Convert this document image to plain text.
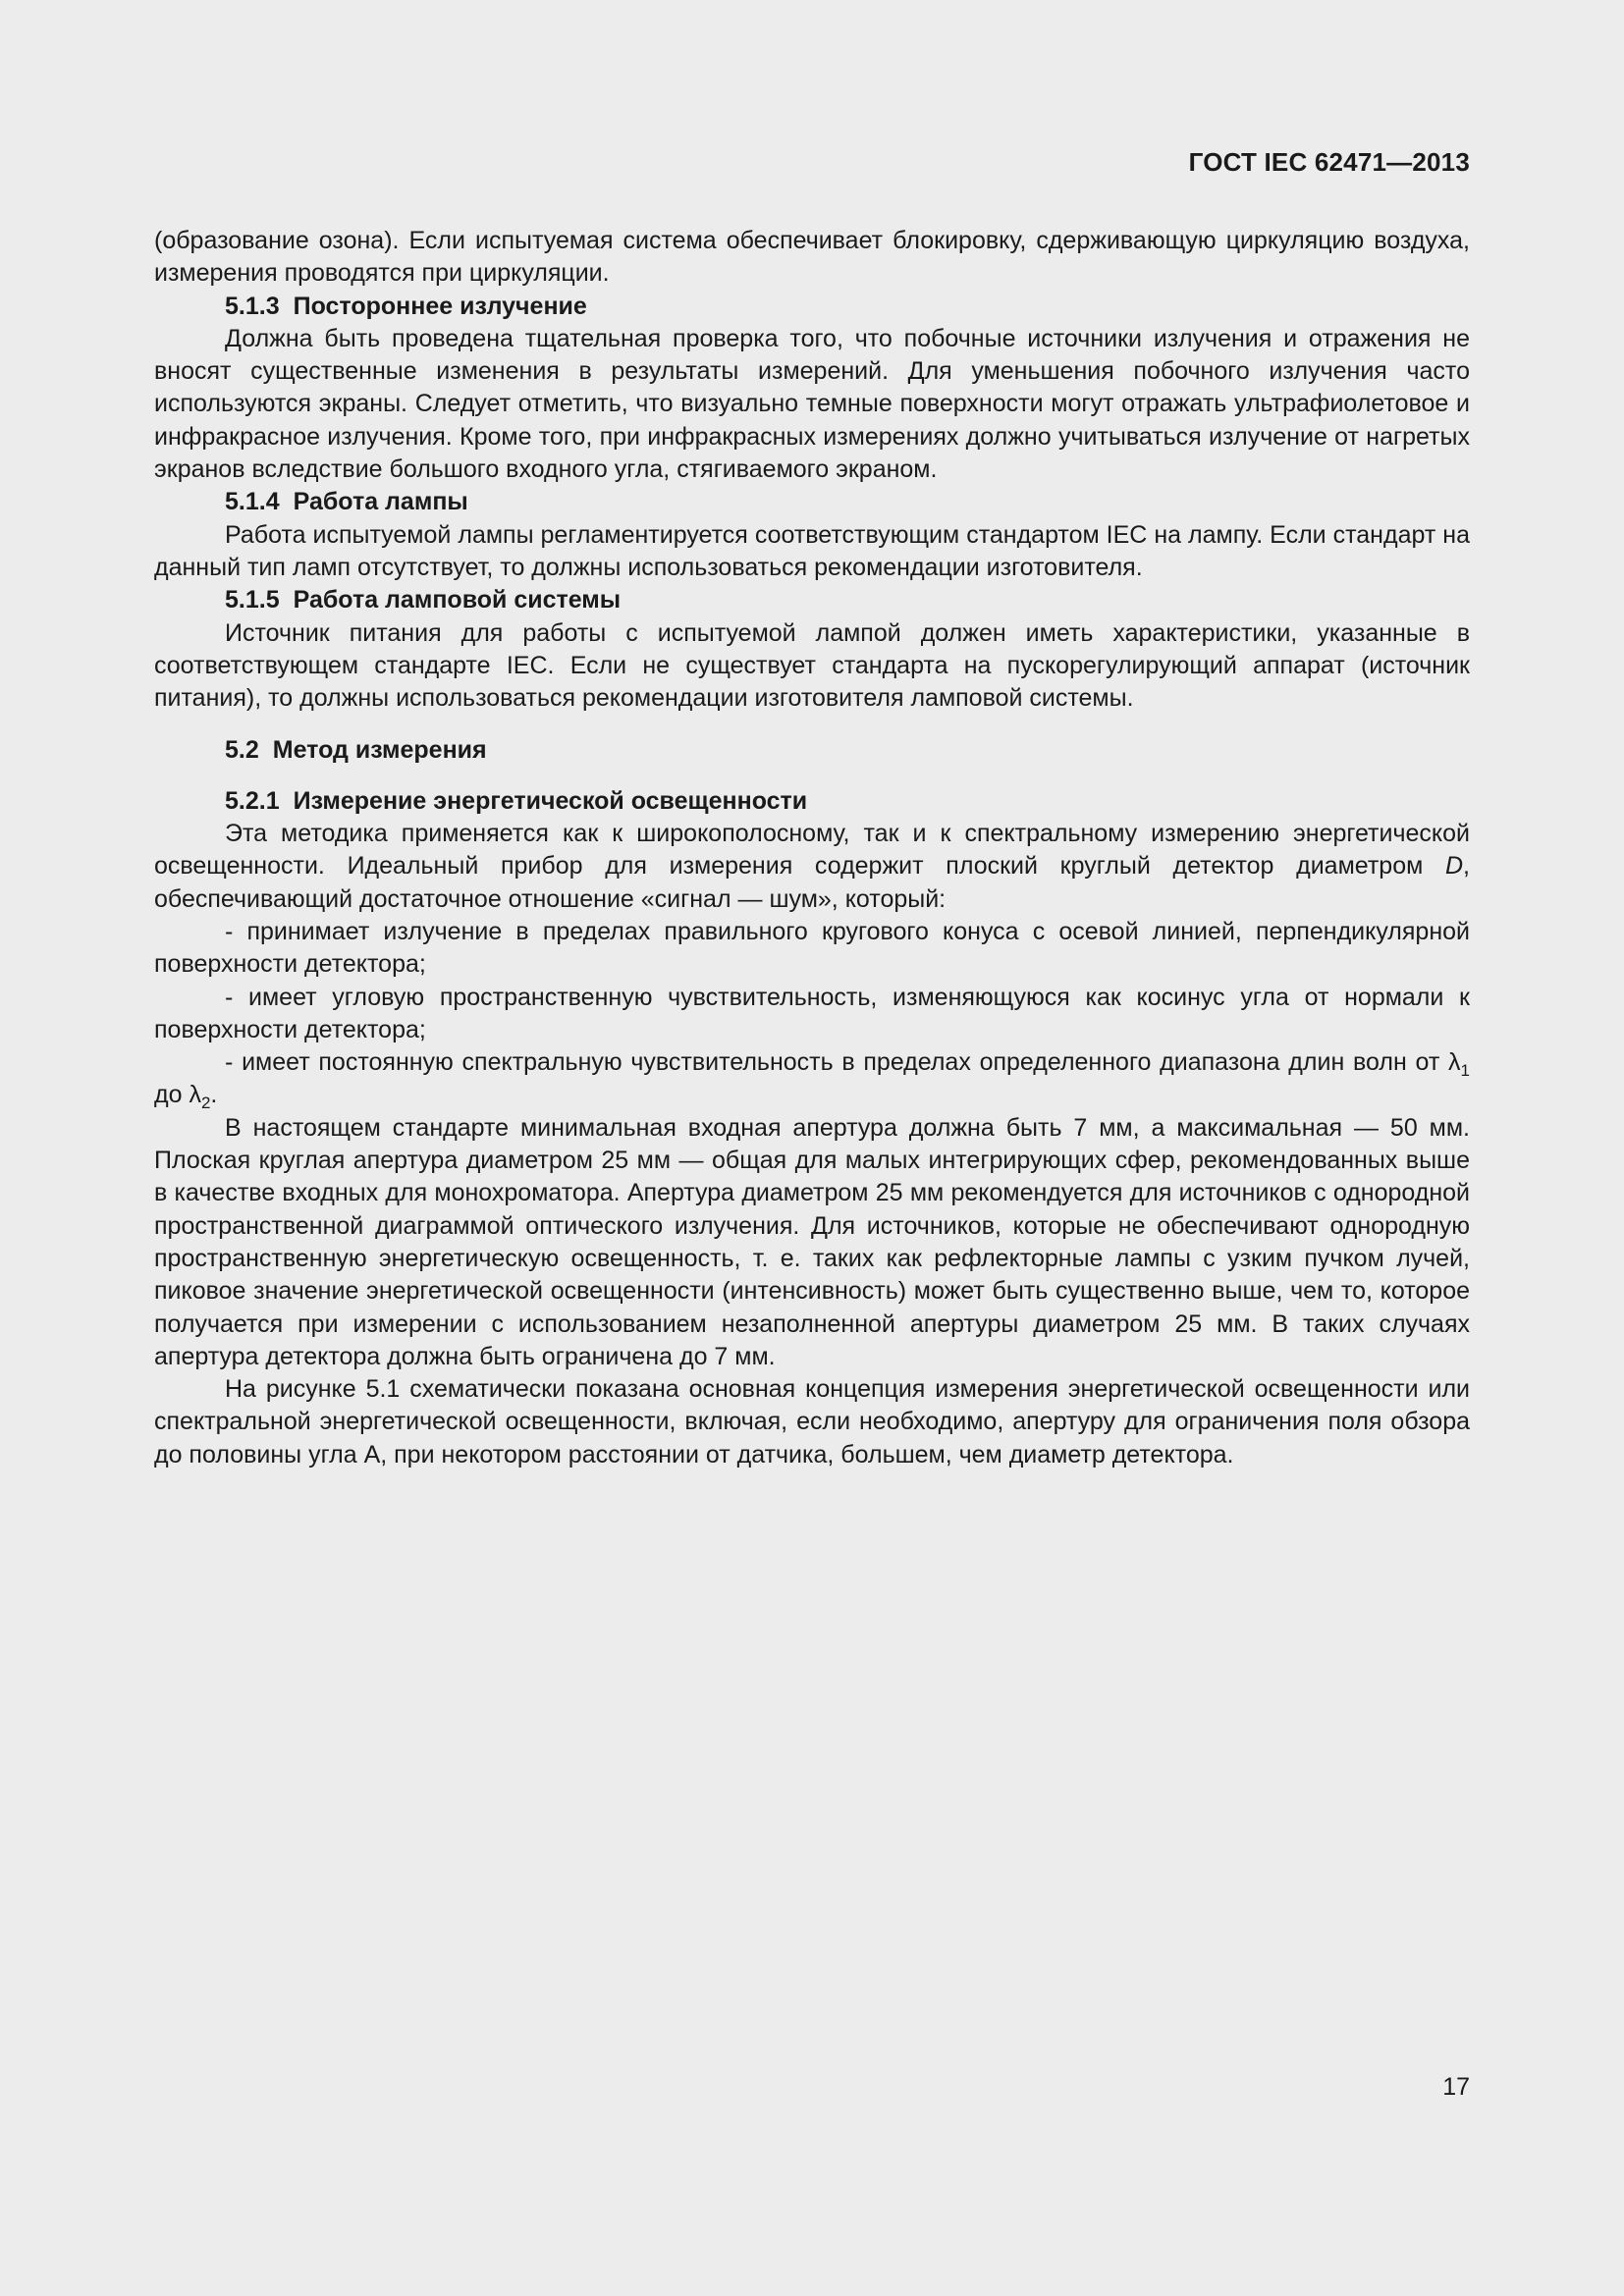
ГОСТ IEC 62471—2013

(образование озона). Если испытуемая система обеспечивает блокировку, сдерживающую циркуляцию воздуха, измерения проводятся при циркуляции.

5.1.3 Постороннее излучение

Должна быть проведена тщательная проверка того, что побочные источники излучения и отражения не вносят существенные изменения в результаты измерений. Для уменьшения побочного излучения часто используются экраны. Следует отметить, что визуально темные поверхности могут отражать ультрафиолетовое и инфракрасное излучения. Кроме того, при инфракрасных измерениях должно учитываться излучение от нагретых экранов вследствие большого входного угла, стягиваемого экраном.

5.1.4 Работа лампы

Работа испытуемой лампы регламентируется соответствующим стандартом IEC на лампу. Если стандарт на данный тип ламп отсутствует, то должны использоваться рекомендации изготовителя.

5.1.5 Работа ламповой системы

Источник питания для работы с испытуемой лампой должен иметь характеристики, указанные в соответствующем стандарте IEC. Если не существует стандарта на пускорегулирующий аппарат (источник питания), то должны использоваться рекомендации изготовителя ламповой системы.

5.2 Метод измерения

5.2.1 Измерение энергетической освещенности

Эта методика применяется как к широкополосному, так и к спектральному измерению энергетической освещенности. Идеальный прибор для измерения содержит плоский круглый детектор диаметром D, обеспечивающий достаточное отношение «сигнал — шум», который:

- принимает излучение в пределах правильного кругового конуса с осевой линией, перпендикулярной поверхности детектора;

- имеет угловую пространственную чувствительность, изменяющуюся как косинус угла от нормали к поверхности детектора;

- имеет постоянную спектральную чувствительность в пределах определенного диапазона длин волн от $\lambda_1$ до $\lambda_2$.

В настоящем стандарте минимальная входная апертура должна быть 7 мм, а максимальная — 50 мм. Плоская круглая апертура диаметром 25 мм — общая для малых интегрирующих сфер, рекомендованных выше в качестве входных для монохроматора. Апертура диаметром 25 мм рекомендуется для источников с однородной пространственной диаграммой оптического излучения. Для источников, которые не обеспечивают однородную пространственную энергетическую освещенность, т. е. таких как рефлекторные лампы с узким пучком лучей, пиковое значение энергетической освещенности (интенсивность) может быть существенно выше, чем то, которое получается при измерении с использованием незаполненной апертуры диаметром 25 мм. В таких случаях апертура детектора должна быть ограничена до 7 мм.

На рисунке 5.1 схематически показана основная концепция измерения энергетической освещенности или спектральной энергетической освещенности, включая, если необходимо, апертуру для ограничения поля обзора до половины угла A, при некотором расстоянии от датчика, большем, чем диаметр детектора.

17
